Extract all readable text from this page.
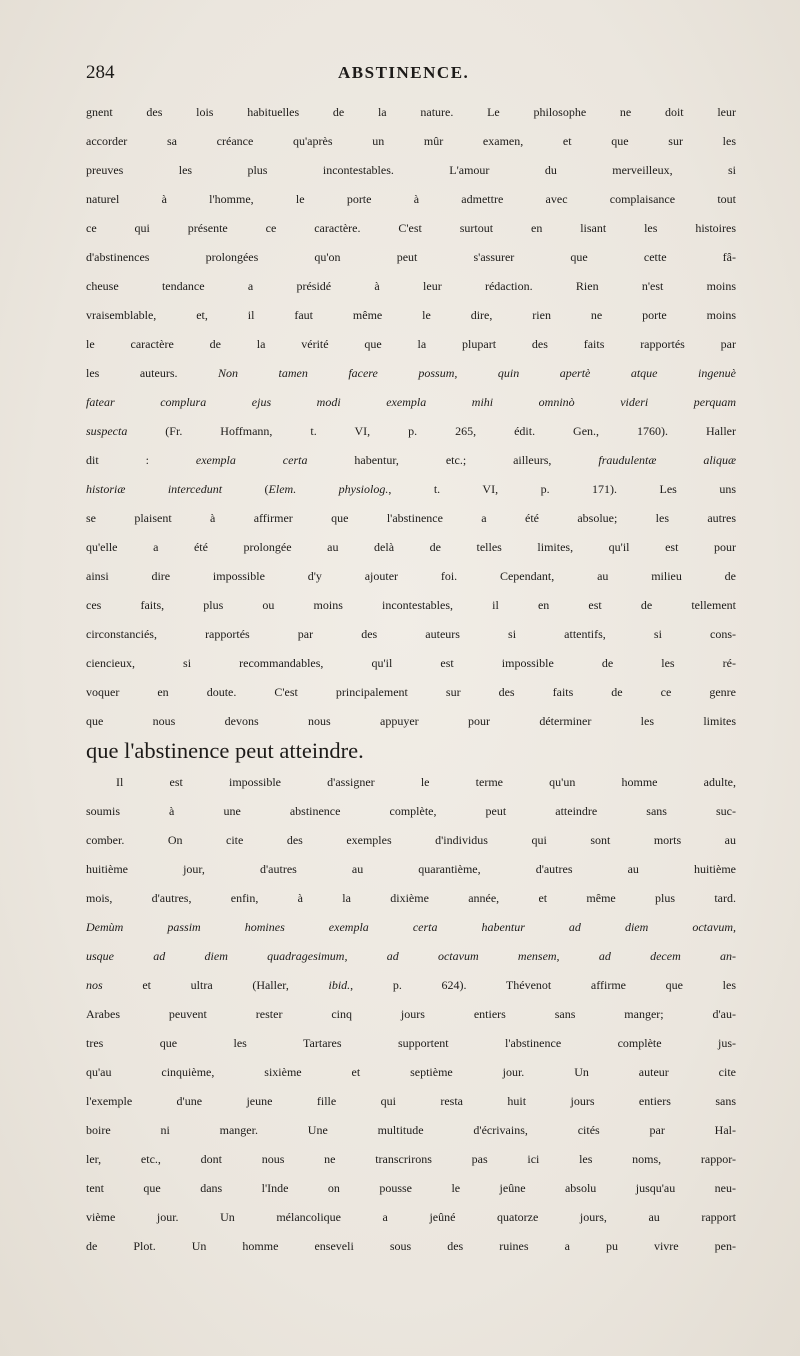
284	ABSTINENCE.
gnent des lois habituelles de la nature. Le philosophe ne doit leur
accorder sa créance qu'après un mûr examen, et que sur les
preuves les plus incontestables. L'amour du merveilleux, si
naturel à l'homme, le porte à admettre avec complaisance tout
ce qui présente ce caractère. C'est surtout en lisant les histoires
d'abstinences prolongées qu'on peut s'assurer que cette fâ-
cheuse tendance a présidé à leur rédaction. Rien n'est moins
vraisemblable, et, il faut même le dire, rien ne porte moins
le caractère de la vérité que la plupart des faits rapportés par
les auteurs. Non tamen facere possum, quin apertè atque ingenuè
fatear complura ejus modi exempla mihi omninò videri perquam
suspecta (Fr. Hoffmann, t. VI, p. 265, édit. Gen., 1760). Haller
dit : exempla certa habentur, etc.; ailleurs, fraudulentæ aliquæ
historiæ intercedunt (Elem. physiolog., t. VI, p. 171). Les uns
se plaisent à affirmer que l'abstinence a été absolue; les autres
qu'elle a été prolongée au delà de telles limites, qu'il est pour
ainsi dire impossible d'y ajouter foi. Cependant, au milieu de
ces faits, plus ou moins incontestables, il en est de tellement
circonstanciés, rapportés par des auteurs si attentifs, si cons-
ciencieux, si recommandables, qu'il est impossible de les ré-
voquer en doute. C'est principalement sur des faits de ce genre
que nous devons nous appuyer pour déterminer les limites
que l'abstinence peut atteindre.
Il est impossible d'assigner le terme qu'un homme adulte,
soumis à une abstinence complète, peut atteindre sans suc-
comber. On cite des exemples d'individus qui sont morts au
huitième jour, d'autres au quarantième, d'autres au huitième
mois, d'autres, enfin, à la dixième année, et même plus tard.
Demùm passim homines exempla certa habentur ad diem octavum,
usque ad diem quadragesimum, ad octavum mensem, ad decem an-
nos et ultra (Haller, ibid., p. 624). Thévenot affirme que les
Arabes peuvent rester cinq jours entiers sans manger; d'au-
tres que les Tartares supportent l'abstinence complète jus-
qu'au cinquième, sixième et septième jour. Un auteur cite
l'exemple d'une jeune fille qui resta huit jours entiers sans
boire ni manger. Une multitude d'écrivains, cités par Hal-
ler, etc., dont nous ne transcrirons pas ici les noms, rappor-
tent que dans l'Inde on pousse le jeûne absolu jusqu'au neu-
vième jour. Un mélancolique a jeûné quatorze jours, au rapport
de Plot. Un homme enseveli sous des ruines a pu vivre pen-
